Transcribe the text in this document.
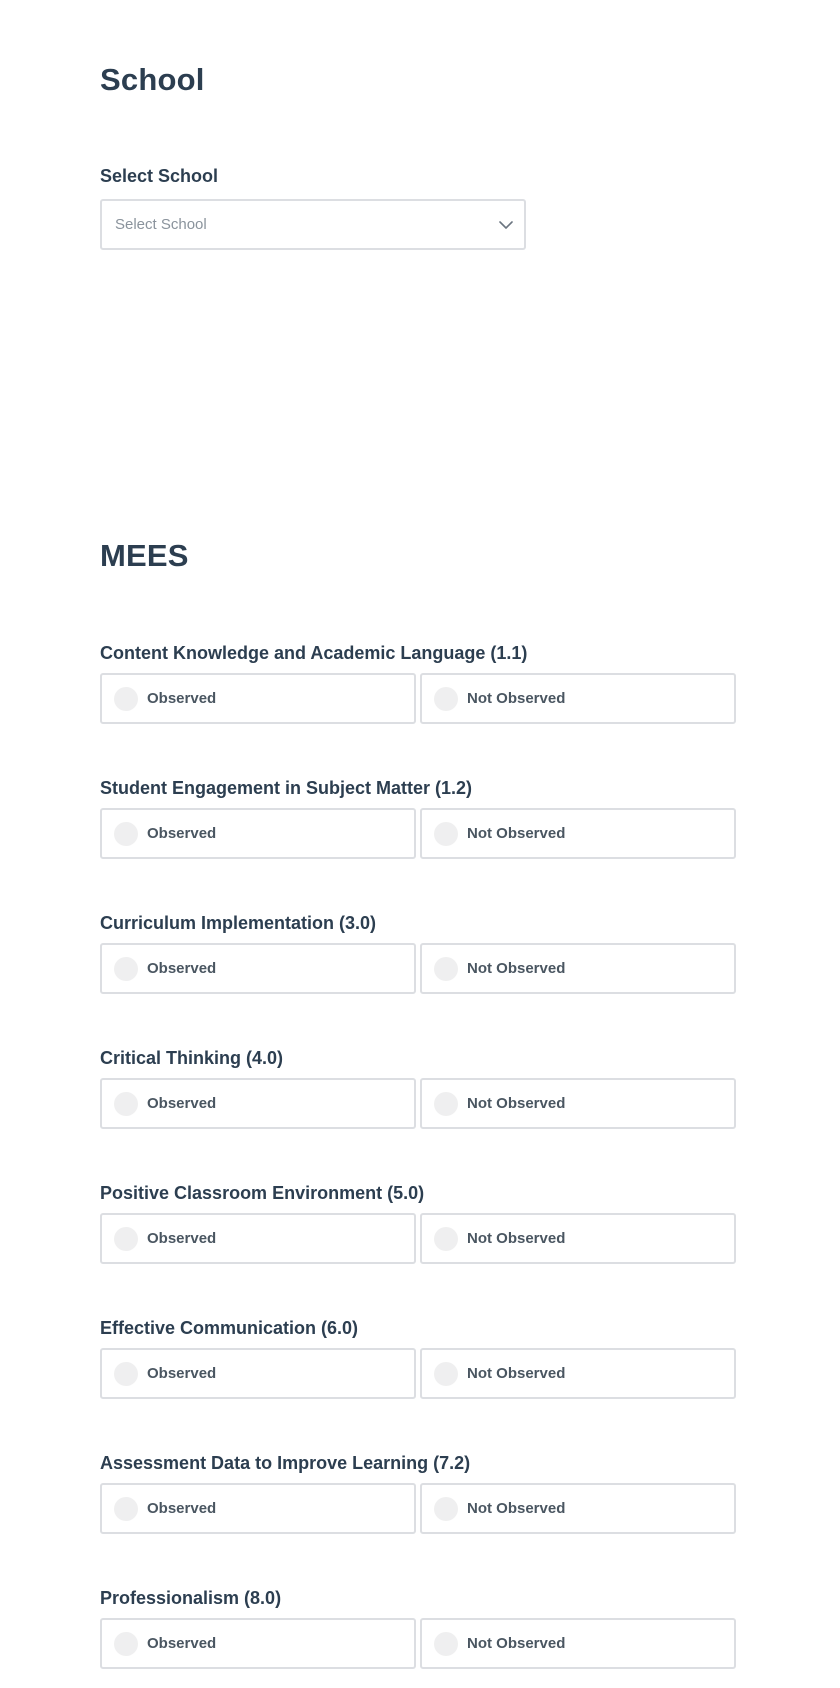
School
Select School
Select School
MEES
Content Knowledge and Academic Language (1.1)
Observed	Not Observed
Student Engagement in Subject Matter (1.2)
Observed	Not Observed
Curriculum Implementation (3.0)
Observed	Not Observed
Critical Thinking (4.0)
Observed	Not Observed
Positive Classroom Environment (5.0)
Observed	Not Observed
Effective Communication (6.0)
Observed	Not Observed
Assessment Data to Improve Learning (7.2)
Observed	Not Observed
Professionalism (8.0)
Observed	Not Observed
